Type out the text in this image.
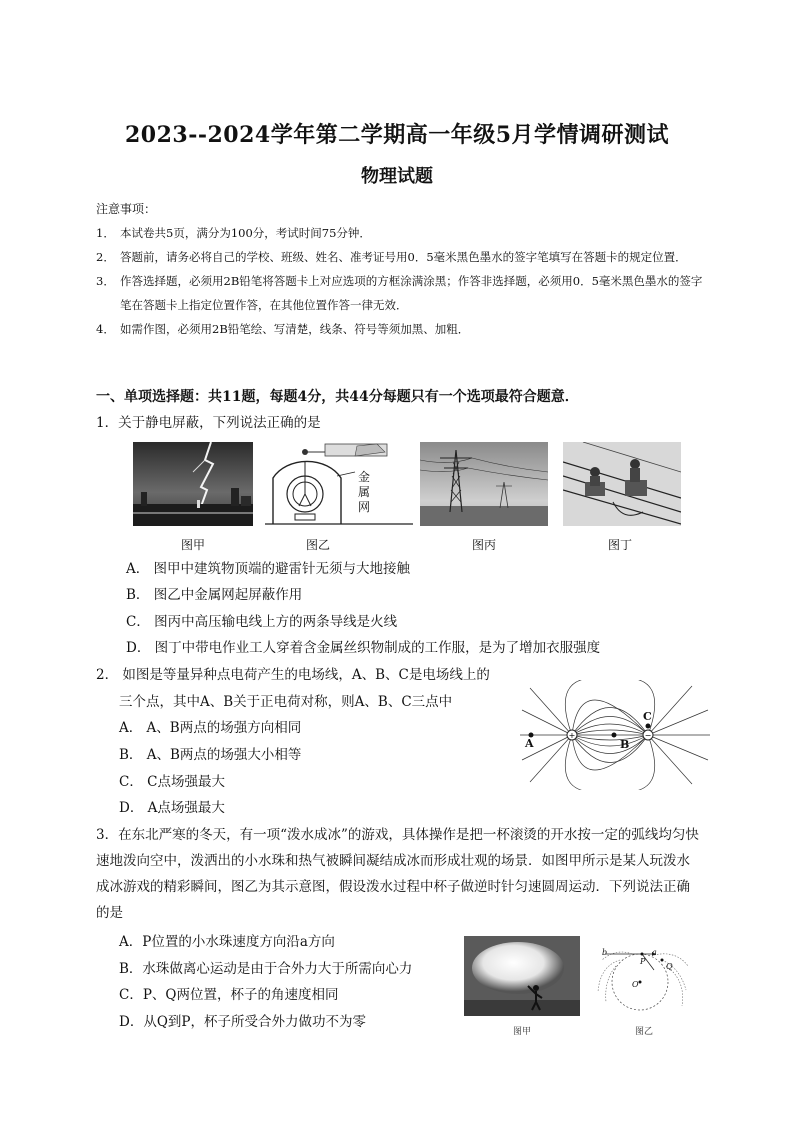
2023--2024学年第二学期高一年级5月学情调研测试
物理试题
注意事项：
1． 本试卷共5页，满分为100分，考试时间75分钟．
2． 答题前，请务必将自己的学校、班级、姓名、准考证号用0．5毫米黑色墨水的签字笔填写在答题卡的规定位置．
3． 作答选择题，必须用2B铅笔将答题卡上对应选项的方框涂满涂黑；作答非选择题，必须用0．5毫米黑色墨水的签字笔在答题卡上指定位置作答，在其他位置作答一律无效．
4． 如需作图，必须用2B铅笔绘、写清楚，线条、符号等须加黑、加粗．
一、单项选择题：共11题，每题4分，共44分每题只有一个选项最符合题意．
1．关于静电屏蔽，下列说法正确的是
图甲
金属网
图乙	图丙	图丁
A． 图甲中建筑物顶端的避雷针无须与大地接触
B． 图乙中金属网起屏蔽作用
C． 图丙中高压输电线上方的两条导线是火线
D． 图丁中带电作业工人穿着含金属丝织物制成的工作服，是为了增加衣服强度
2． 如图是等量异种点电荷产生的电场线，A、B、C是电场线上的
三个点，其中A、B关于正电荷对称，则A、B、C三点中
A． A、B两点的场强方向相同
B． A、B两点的场强大小相等
C． C点场强最大
D． A点场强最大
+	−
A	B
C
3．在东北严寒的冬天，有一项“泼水成冰”的游戏，具体操作是把一杯滚烫的开水按一定的弧线均匀快速地泼向空中，泼洒出的小水珠和热气被瞬间凝结成冰而形成壮观的场景．如图甲所示是某人玩泼水成冰游戏的精彩瞬间，图乙为其示意图，假设泼水过程中杯子做逆时针匀速圆周运动．下列说法正确的是
A．P位置的小水珠速度方向沿a方向
B．水珠做离心运动是由于合外力大于所需向心力
C．P、Q两位置，杯子的角速度相同
D．从Q到P，杯子所受合外力做功不为零
图甲
b	a
P
Q
O
图乙
